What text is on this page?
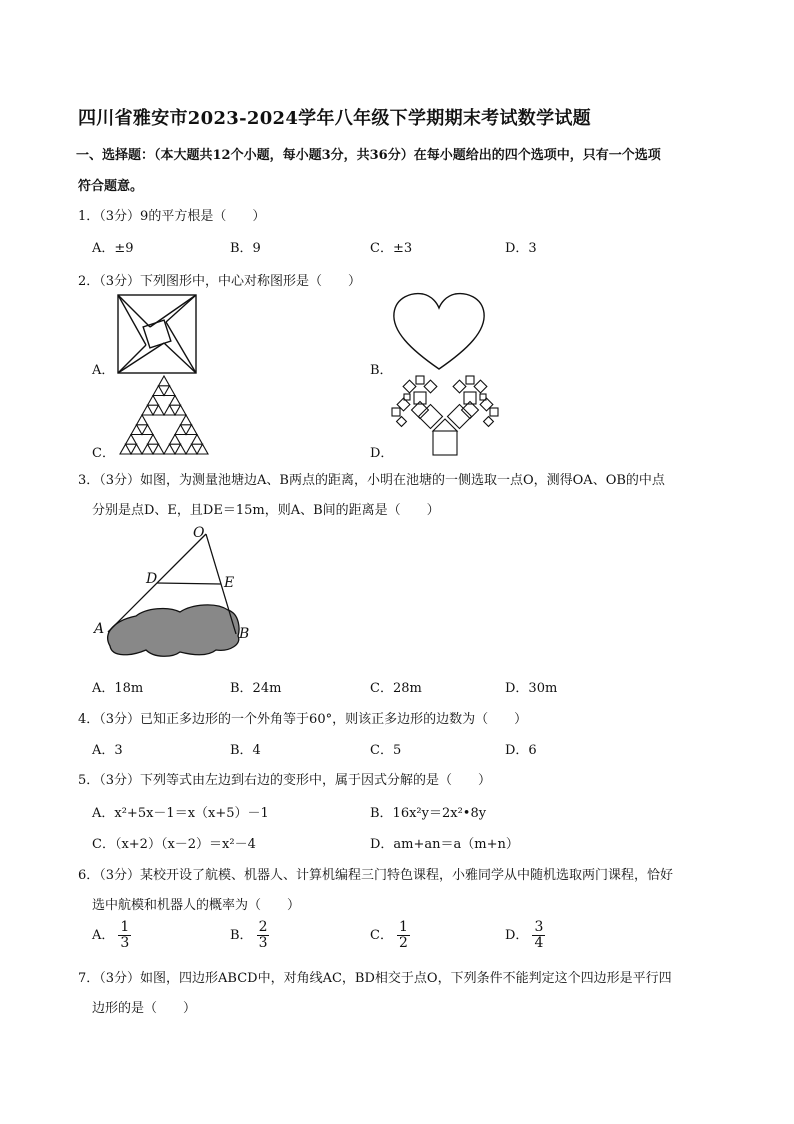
四川省雅安市2023-2024学年八年级下学期期末考试数学试题
一、选择题：（本大题共12个小题，每小题3分，共36分）在每小题给出的四个选项中，只有一个选项
符合题意。
1．（3分）9的平方根是（　　）
A．±9	B．9	C．±3	D．3
2．（3分）下列图形中，中心对称图形是（　　）
A．	B．
C．	D．
3．（3分）如图，为测量池塘边A、B两点的距离，小明在池塘的一侧选取一点O，测得OA、OB的中点
分别是点D、E，且DE＝15m，则A、B间的距离是（　　）
O
D	E
A	B
A．18m	B．24m	C．28m	D．30m
4．（3分）已知正多边形的一个外角等于60°，则该正多边形的边数为（　　）
A．3	B．4	C．5	D．6
5．（3分）下列等式由左边到右边的变形中，属于因式分解的是（　　）
A．x²+5x－1＝x（x+5）－1	B．16x²y＝2x²•8y
C．（x+2）（x－2）＝x²－4	D．am+an＝a（m+n）
6．（3分）某校开设了航模、机器人、计算机编程三门特色课程，小雅同学从中随机选取两门课程，恰好
选中航模和机器人的概率为（　　）
A． $\frac{1}{3}$	B． $\frac{2}{3}$	C． $\frac{1}{2}$	D． $\frac{3}{4}$
7．（3分）如图，四边形ABCD中，对角线AC，BD相交于点O，下列条件不能判定这个四边形是平行四
边形的是（　　）
